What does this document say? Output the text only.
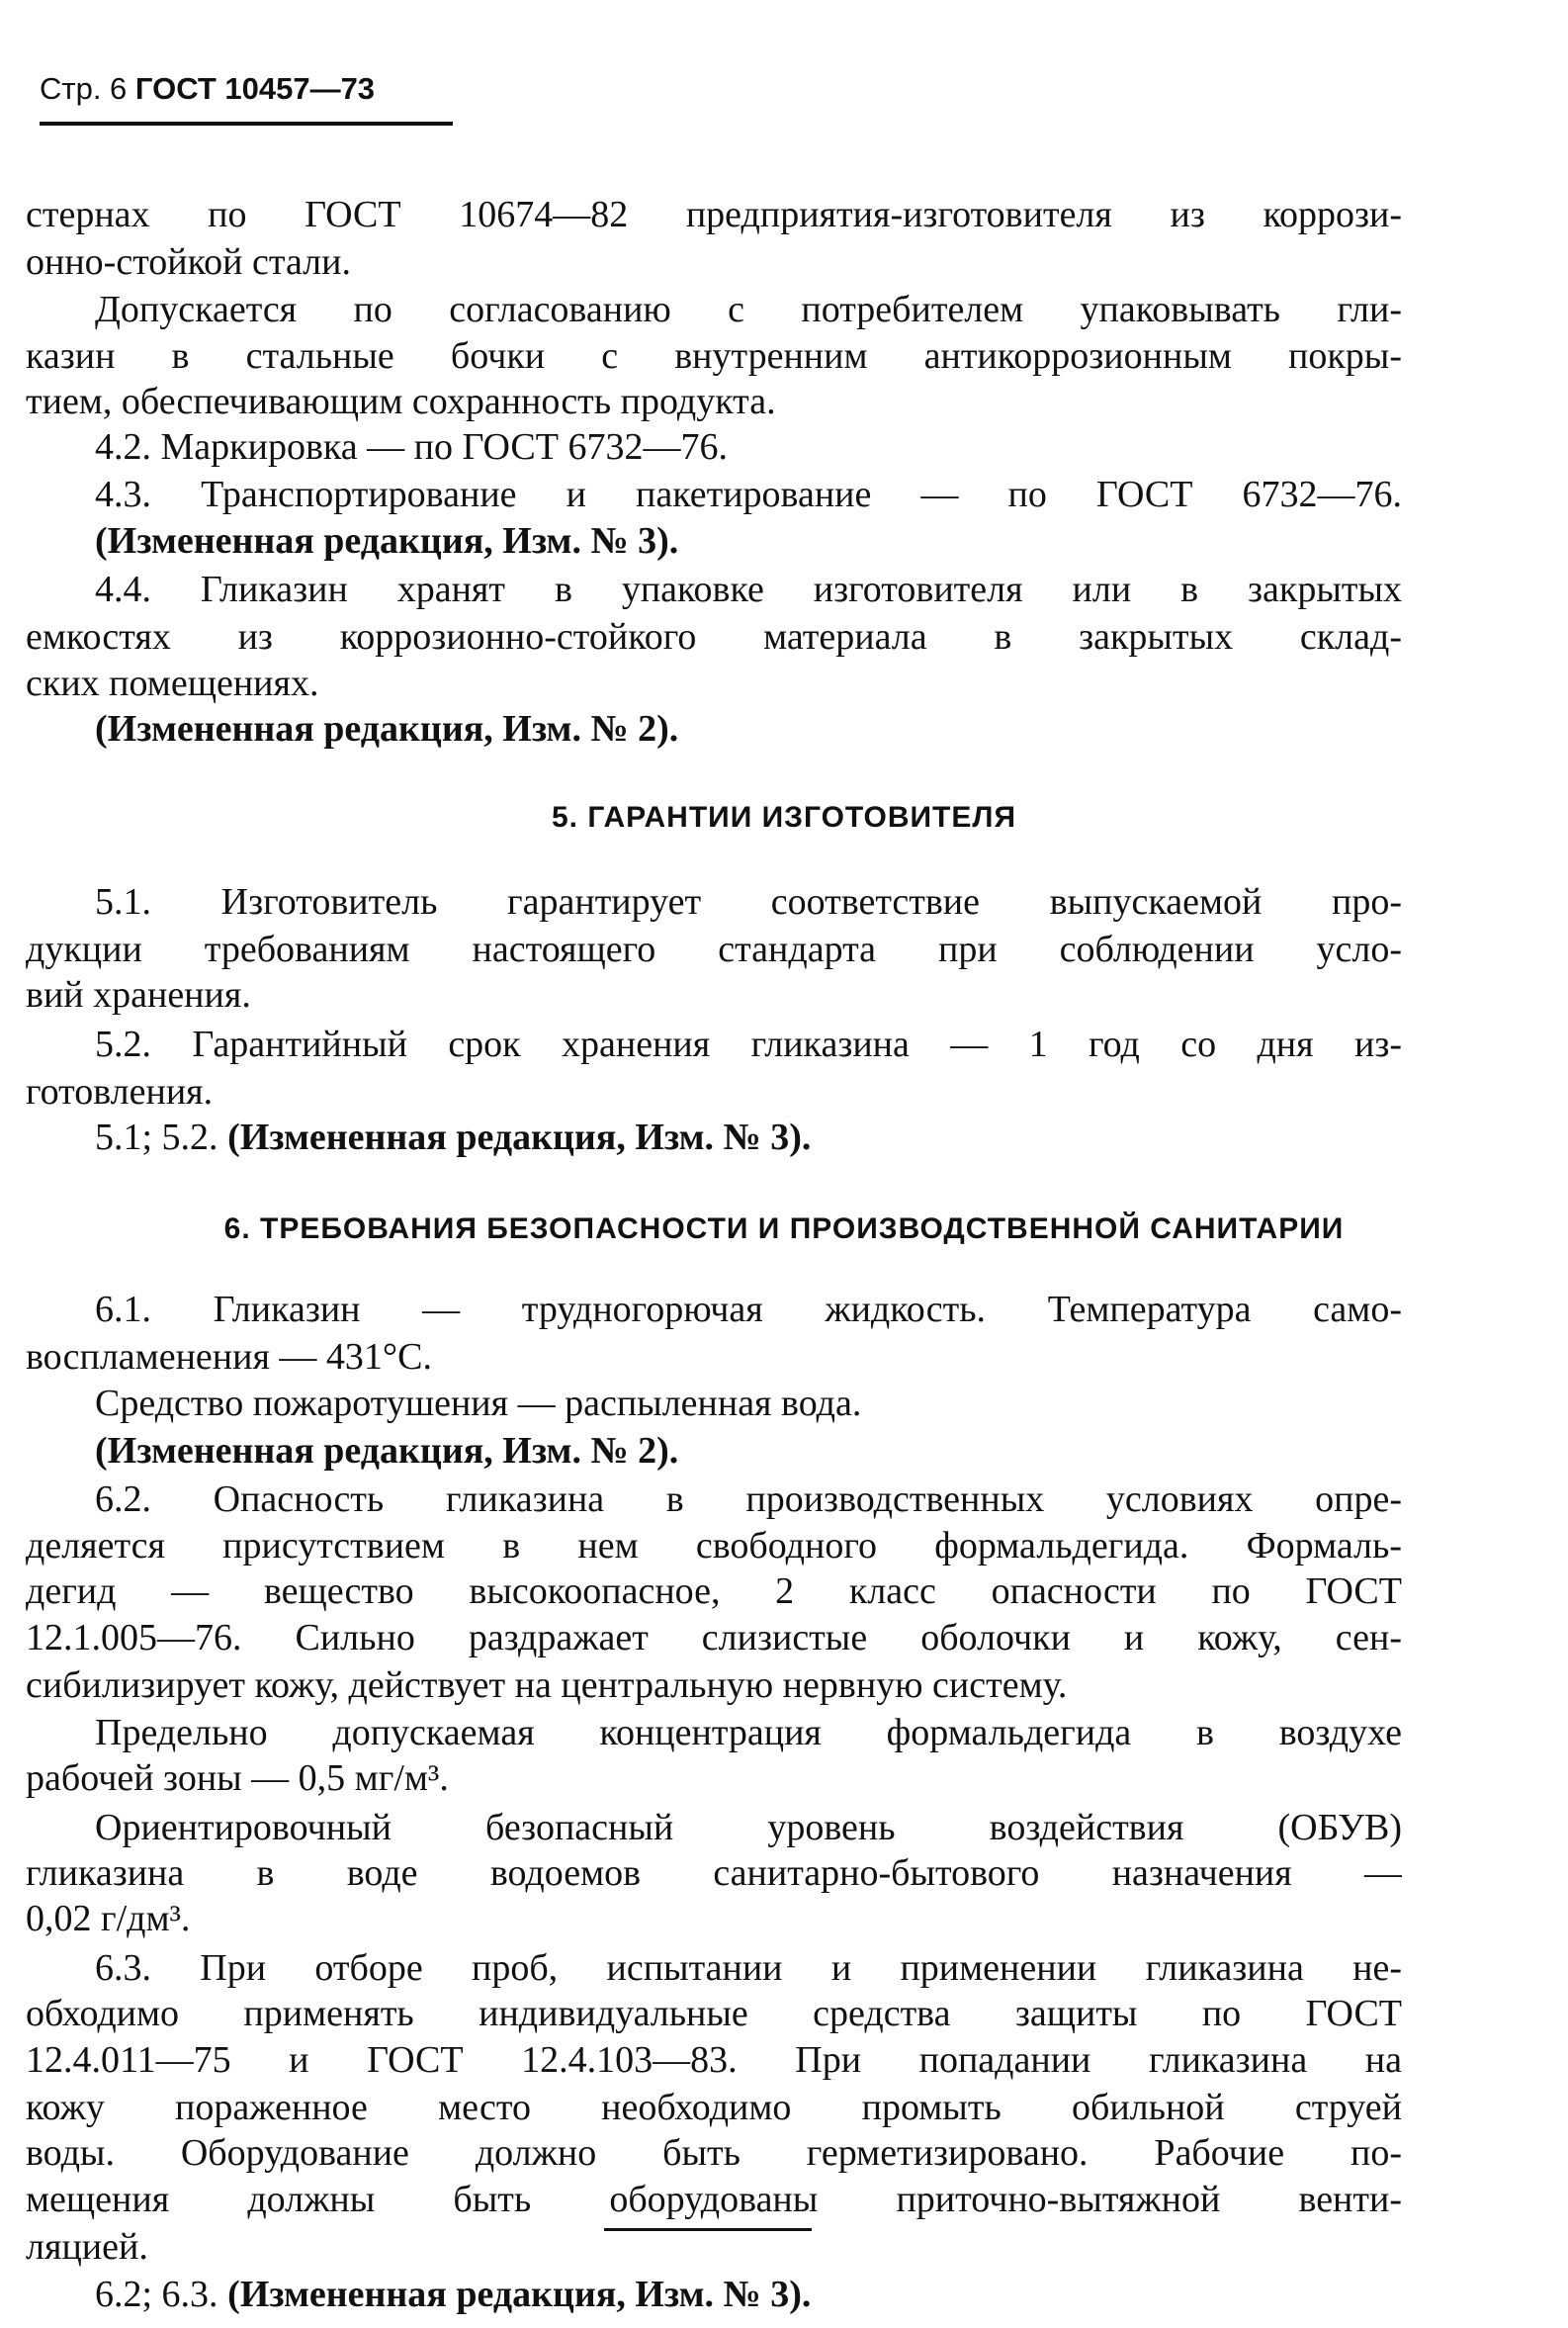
Стр. 6 ГОСТ 10457—73
стернах по ГОСТ 10674—82 предприятия-изготовителя из коррози-
онно-стойкой стали.
Допускается по согласованию с потребителем упаковывать гли-
казин в стальные бочки с внутренним антикоррозионным покры-
тием, обеспечивающим сохранность продукта.
4.2. Маркировка — по ГОСТ 6732—76.
4.3. Транспортирование и пакетирование — по ГОСТ 6732—76.
(Измененная редакция, Изм. № 3).
4.4. Гликазин хранят в упаковке изготовителя или в закрытых
емкостях из коррозионно-стойкого материала в закрытых склад-
ских помещениях.
(Измененная редакция, Изм. № 2).
5. ГАРАНТИИ ИЗГОТОВИТЕЛЯ
5.1. Изготовитель гарантирует соответствие выпускаемой про-
дукции требованиям настоящего стандарта при соблюдении усло-
вий хранения.
5.2. Гарантийный срок хранения гликазина — 1 год со дня из-
готовления.
5.1; 5.2. (Измененная редакция, Изм. № 3).
6. ТРЕБОВАНИЯ БЕЗОПАСНОСТИ И ПРОИЗВОДСТВЕННОЙ САНИТАРИИ
6.1. Гликазин — трудногорючая жидкость. Температура само-
воспламенения — 431°С.
Средство пожаротушения — распыленная вода.
(Измененная редакция, Изм. № 2).
6.2. Опасность гликазина в производственных условиях опре-
деляется присутствием в нем свободного формальдегида. Формаль-
дегид — вещество высокоопасное, 2 класс опасности по ГОСТ
12.1.005—76. Сильно раздражает слизистые оболочки и кожу, сен-
сибилизирует кожу, действует на центральную нервную систему.
Предельно допускаемая концентрация формальдегида в воздухе
рабочей зоны — 0,5 мг/м³.
Ориентировочный безопасный уровень воздействия (ОБУВ)
гликазина в воде водоемов санитарно-бытового назначения —
0,02 г/дм³.
6.3. При отборе проб, испытании и применении гликазина не-
обходимо применять индивидуальные средства защиты по ГОСТ
12.4.011—75 и ГОСТ 12.4.103—83. При попадании гликазина на
кожу пораженное место необходимо промыть обильной струей
воды. Оборудование должно быть герметизировано. Рабочие по-
мещения должны быть оборудованы приточно-вытяжной венти-
ляцией.
6.2; 6.3. (Измененная редакция, Изм. № 3).
